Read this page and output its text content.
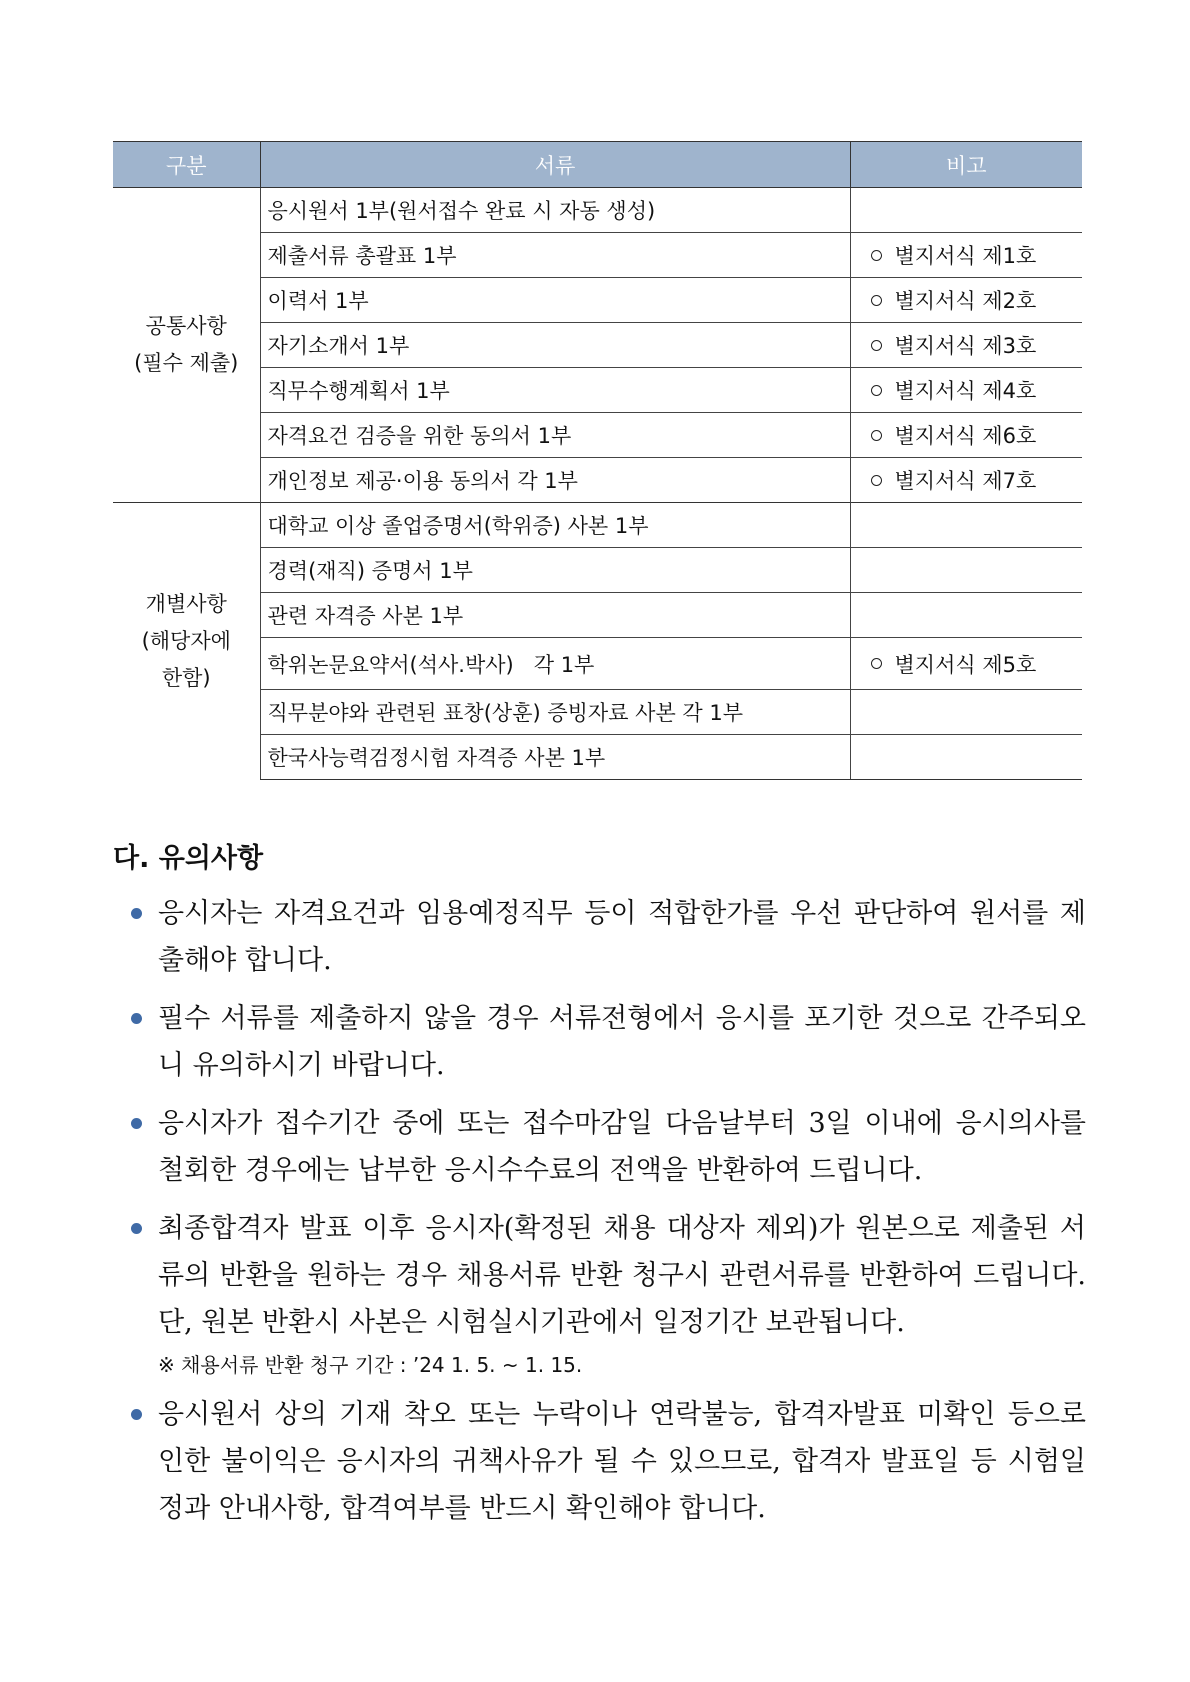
구분	서류	비고
공통사항
(필수 제출)	응시원서 1부(원서접수 완료 시 자동 생성)	
	제출서류 총괄표 1부	별지서식 제1호
	이력서 1부	별지서식 제2호
	자기소개서 1부	별지서식 제3호
	직무수행계획서 1부	별지서식 제4호
	자격요건 검증을 위한 동의서 1부	별지서식 제6호
	개인정보 제공·이용 동의서 각 1부	별지서식 제7호
개별사항
(해당자에
한함)	대학교 이상 졸업증명서(학위증) 사본 1부	
	경력(재직) 증명서 1부	
	관련 자격증 사본 1부	
	학위논문요약서(석사.박사)   각 1부	별지서식 제5호
	직무분야와 관련된 표창(상훈) 증빙자료 사본 각 1부	
	한국사능력검정시험 자격증 사본 1부	
다. 유의사항
응시자는 자격요건과 임용예정직무 등이 적합한가를 우선 판단하여 원서를 제출해야 합니다.
필수 서류를 제출하지 않을 경우 서류전형에서 응시를 포기한 것으로 간주되오니 유의하시기 바랍니다.
응시자가 접수기간 중에 또는 접수마감일 다음날부터 3일 이내에 응시의사를 철회한 경우에는 납부한 응시수수료의 전액을 반환하여 드립니다.
최종합격자 발표 이후 응시자(확정된 채용 대상자 제외)가 원본으로 제출된 서류의 반환을 원하는 경우 채용서류 반환 청구시 관련서류를 반환하여 드립니다. 단, 원본 반환시 사본은 시험실시기관에서 일정기간 보관됩니다.
※ 채용서류 반환 청구 기간 : ’24 1. 5. ~ 1. 15.
응시원서 상의 기재 착오 또는 누락이나 연락불능, 합격자발표 미확인 등으로 인한 불이익은 응시자의 귀책사유가 될 수 있으므로, 합격자 발표일 등 시험일정과 안내사항, 합격여부를 반드시 확인해야 합니다.
